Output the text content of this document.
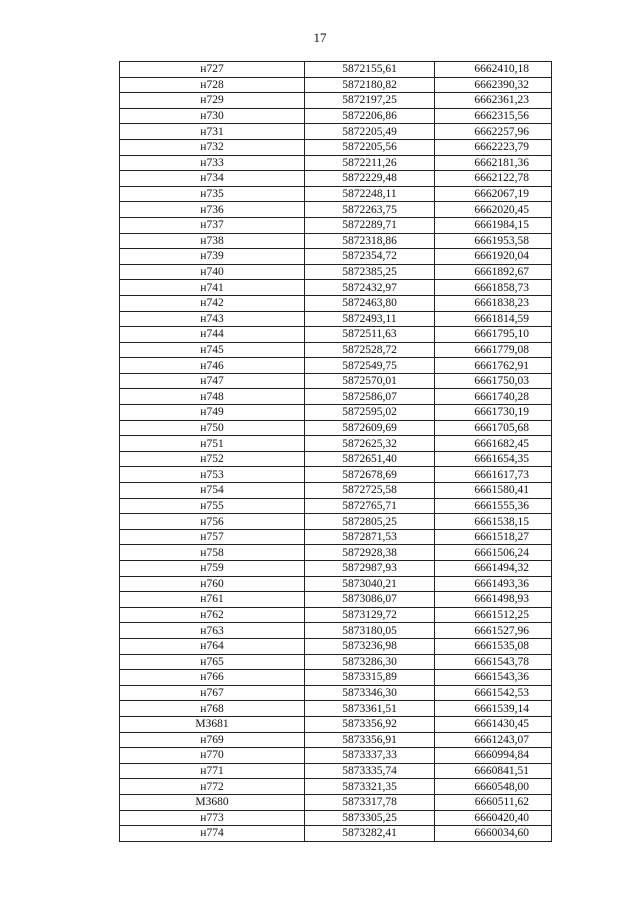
17
н727	5872155,61	6662410,18
н728	5872180,82	6662390,32
н729	5872197,25	6662361,23
н730	5872206,86	6662315,56
н731	5872205,49	6662257,96
н732	5872205,56	6662223,79
н733	5872211,26	6662181,36
н734	5872229,48	6662122,78
н735	5872248,11	6662067,19
н736	5872263,75	6662020,45
н737	5872289,71	6661984,15
н738	5872318,86	6661953,58
н739	5872354,72	6661920,04
н740	5872385,25	6661892,67
н741	5872432,97	6661858,73
н742	5872463,80	6661838,23
н743	5872493,11	6661814,59
н744	5872511,63	6661795,10
н745	5872528,72	6661779,08
н746	5872549,75	6661762,91
н747	5872570,01	6661750,03
н748	5872586,07	6661740,28
н749	5872595,02	6661730,19
н750	5872609,69	6661705,68
н751	5872625,32	6661682,45
н752	5872651,40	6661654,35
н753	5872678,69	6661617,73
н754	5872725,58	6661580,41
н755	5872765,71	6661555,36
н756	5872805,25	6661538,15
н757	5872871,53	6661518,27
н758	5872928,38	6661506,24
н759	5872987,93	6661494,32
н760	5873040,21	6661493,36
н761	5873086,07	6661498,93
н762	5873129,72	6661512,25
н763	5873180,05	6661527,96
н764	5873236,98	6661535,08
н765	5873286,30	6661543,78
н766	5873315,89	6661543,36
н767	5873346,30	6661542,53
н768	5873361,51	6661539,14
МЗ681	5873356,92	6661430,45
н769	5873356,91	6661243,07
н770	5873337,33	6660994,84
н771	5873335,74	6660841,51
н772	5873321,35	6660548,00
МЗ680	5873317,78	6660511,62
н773	5873305,25	6660420,40
н774	5873282,41	6660034,60
